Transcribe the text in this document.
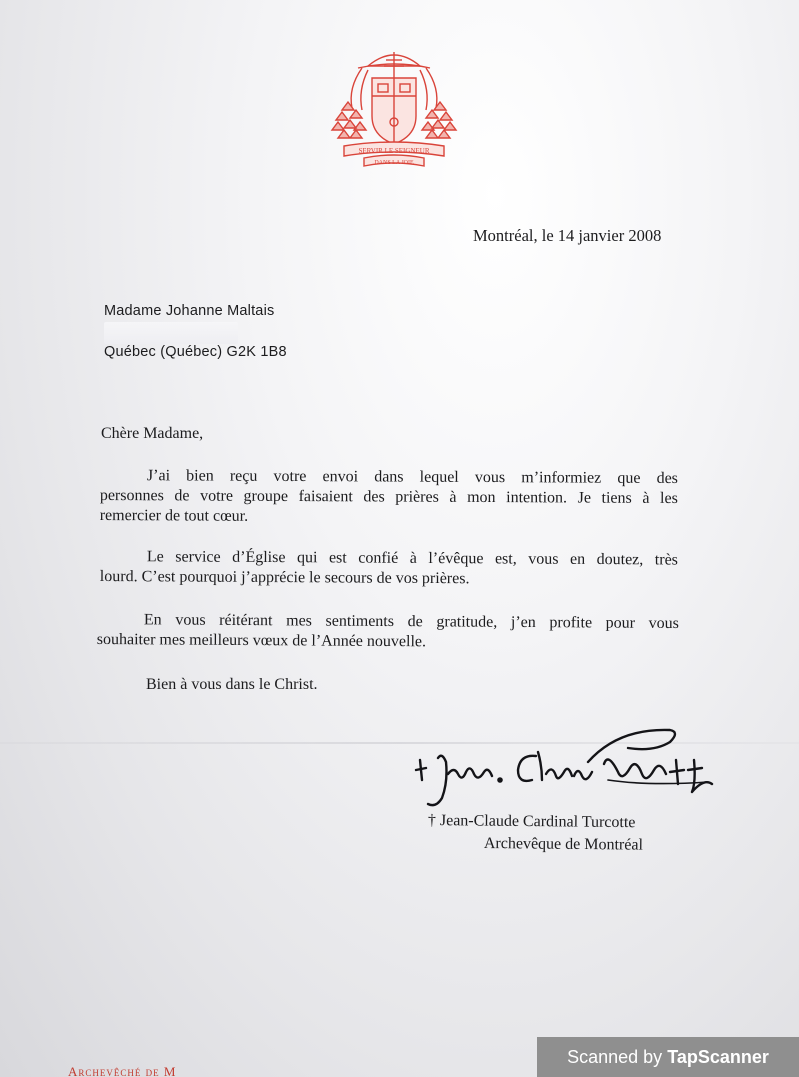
SERVIR LE SEIGNEUR
DANS LA JOIE
Montréal, le 14 janvier 2008
Madame Johanne Maltais
Québec (Québec) G2K 1B8
Chère Madame,
J’ai bien reçu votre envoi dans lequel vous m’informiez que des
personnes de votre groupe faisaient des prières à mon intention. Je tiens à les
remercier de tout cœur.
Le service d’Église qui est confié à l’évêque est, vous en doutez, très
lourd. C’est pourquoi j’apprécie le secours de vos prières.
En vous réitérant mes sentiments de gratitude, j’en profite pour vous
souhaiter mes meilleurs vœux de l’Année nouvelle.
Bien à vous dans le Christ.
† Jean-Claude Cardinal Turcotte
Archevêque de Montréal
Archevêché de M
Scanned by TapScanner
